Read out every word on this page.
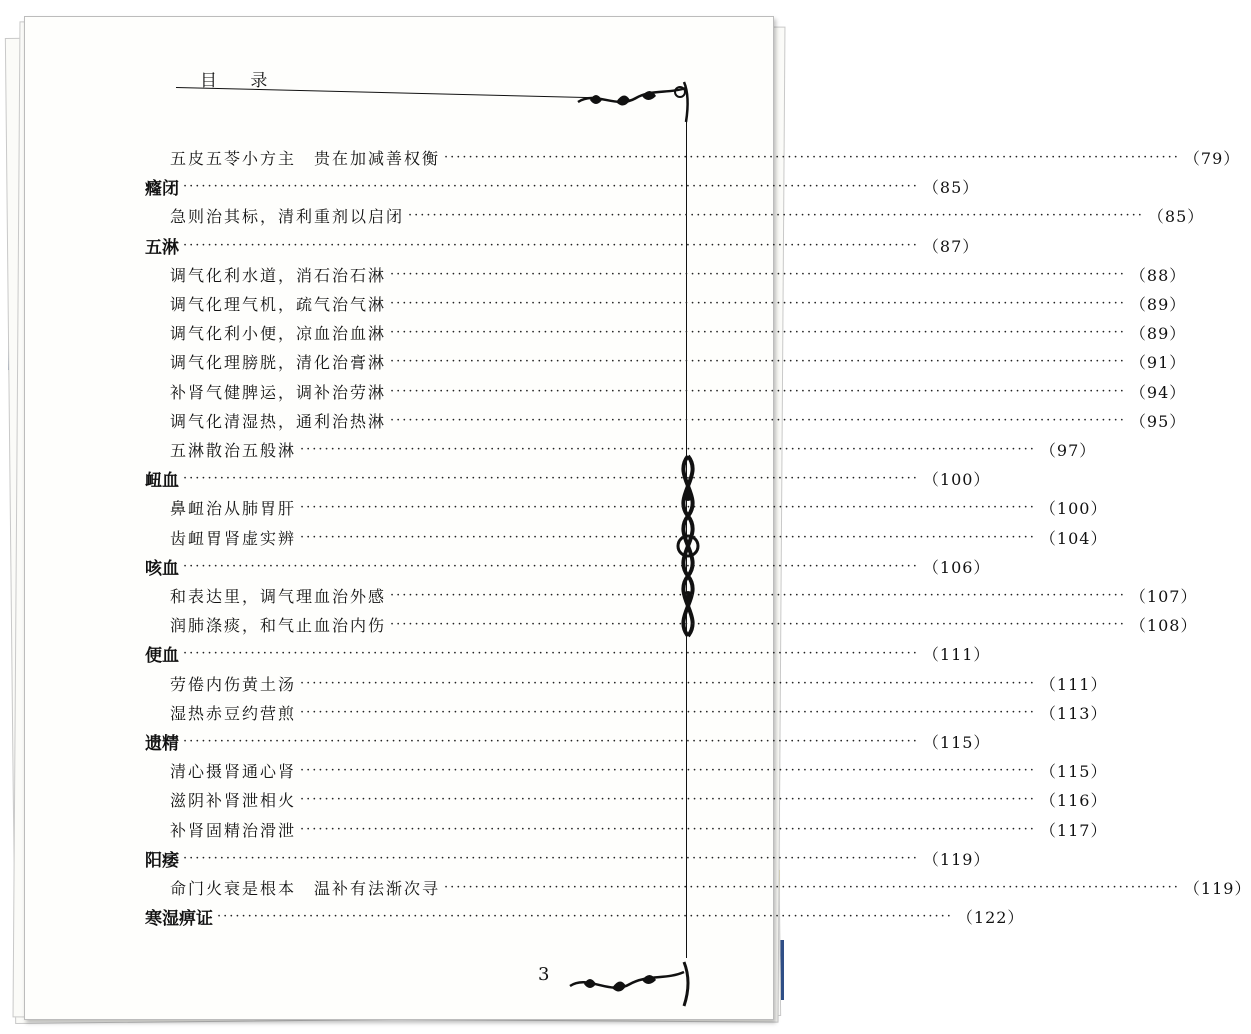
目 录
3
五皮五苓小方主　贵在加减善权衡 ························································································································ （79）
癃闭 ························································································································ （85）
急则治其标，清利重剂以启闭 ························································································································ （85）
五淋 ························································································································ （87）
调气化利水道，消石治石淋 ························································································································ （88）
调气化理气机，疏气治气淋 ························································································································ （89）
调气化利小便，凉血治血淋 ························································································································ （89）
调气化理膀胱，清化治膏淋 ························································································································ （91）
补肾气健脾运，调补治劳淋 ························································································································ （94）
调气化清湿热，通利治热淋 ························································································································ （95）
五淋散治五般淋 ························································································································ （97）
衄血 ························································································································ （100）
鼻衄治从肺胃肝 ························································································································ （100）
齿衄胃肾虚实辨 ························································································································ （104）
咳血 ························································································································ （106）
和表达里，调气理血治外感 ························································································································ （107）
润肺涤痰，和气止血治内伤 ························································································································ （108）
便血 ························································································································ （111）
劳倦内伤黄土汤 ························································································································ （111）
湿热赤豆约营煎 ························································································································ （113）
遗精 ························································································································ （115）
清心摄肾通心肾 ························································································································ （115）
滋阴补肾泄相火 ························································································································ （116）
补肾固精治滑泄 ························································································································ （117）
阳痿 ························································································································ （119）
命门火衰是根本　温补有法渐次寻 ························································································································ （119）
寒湿痹证 ························································································································ （122）
